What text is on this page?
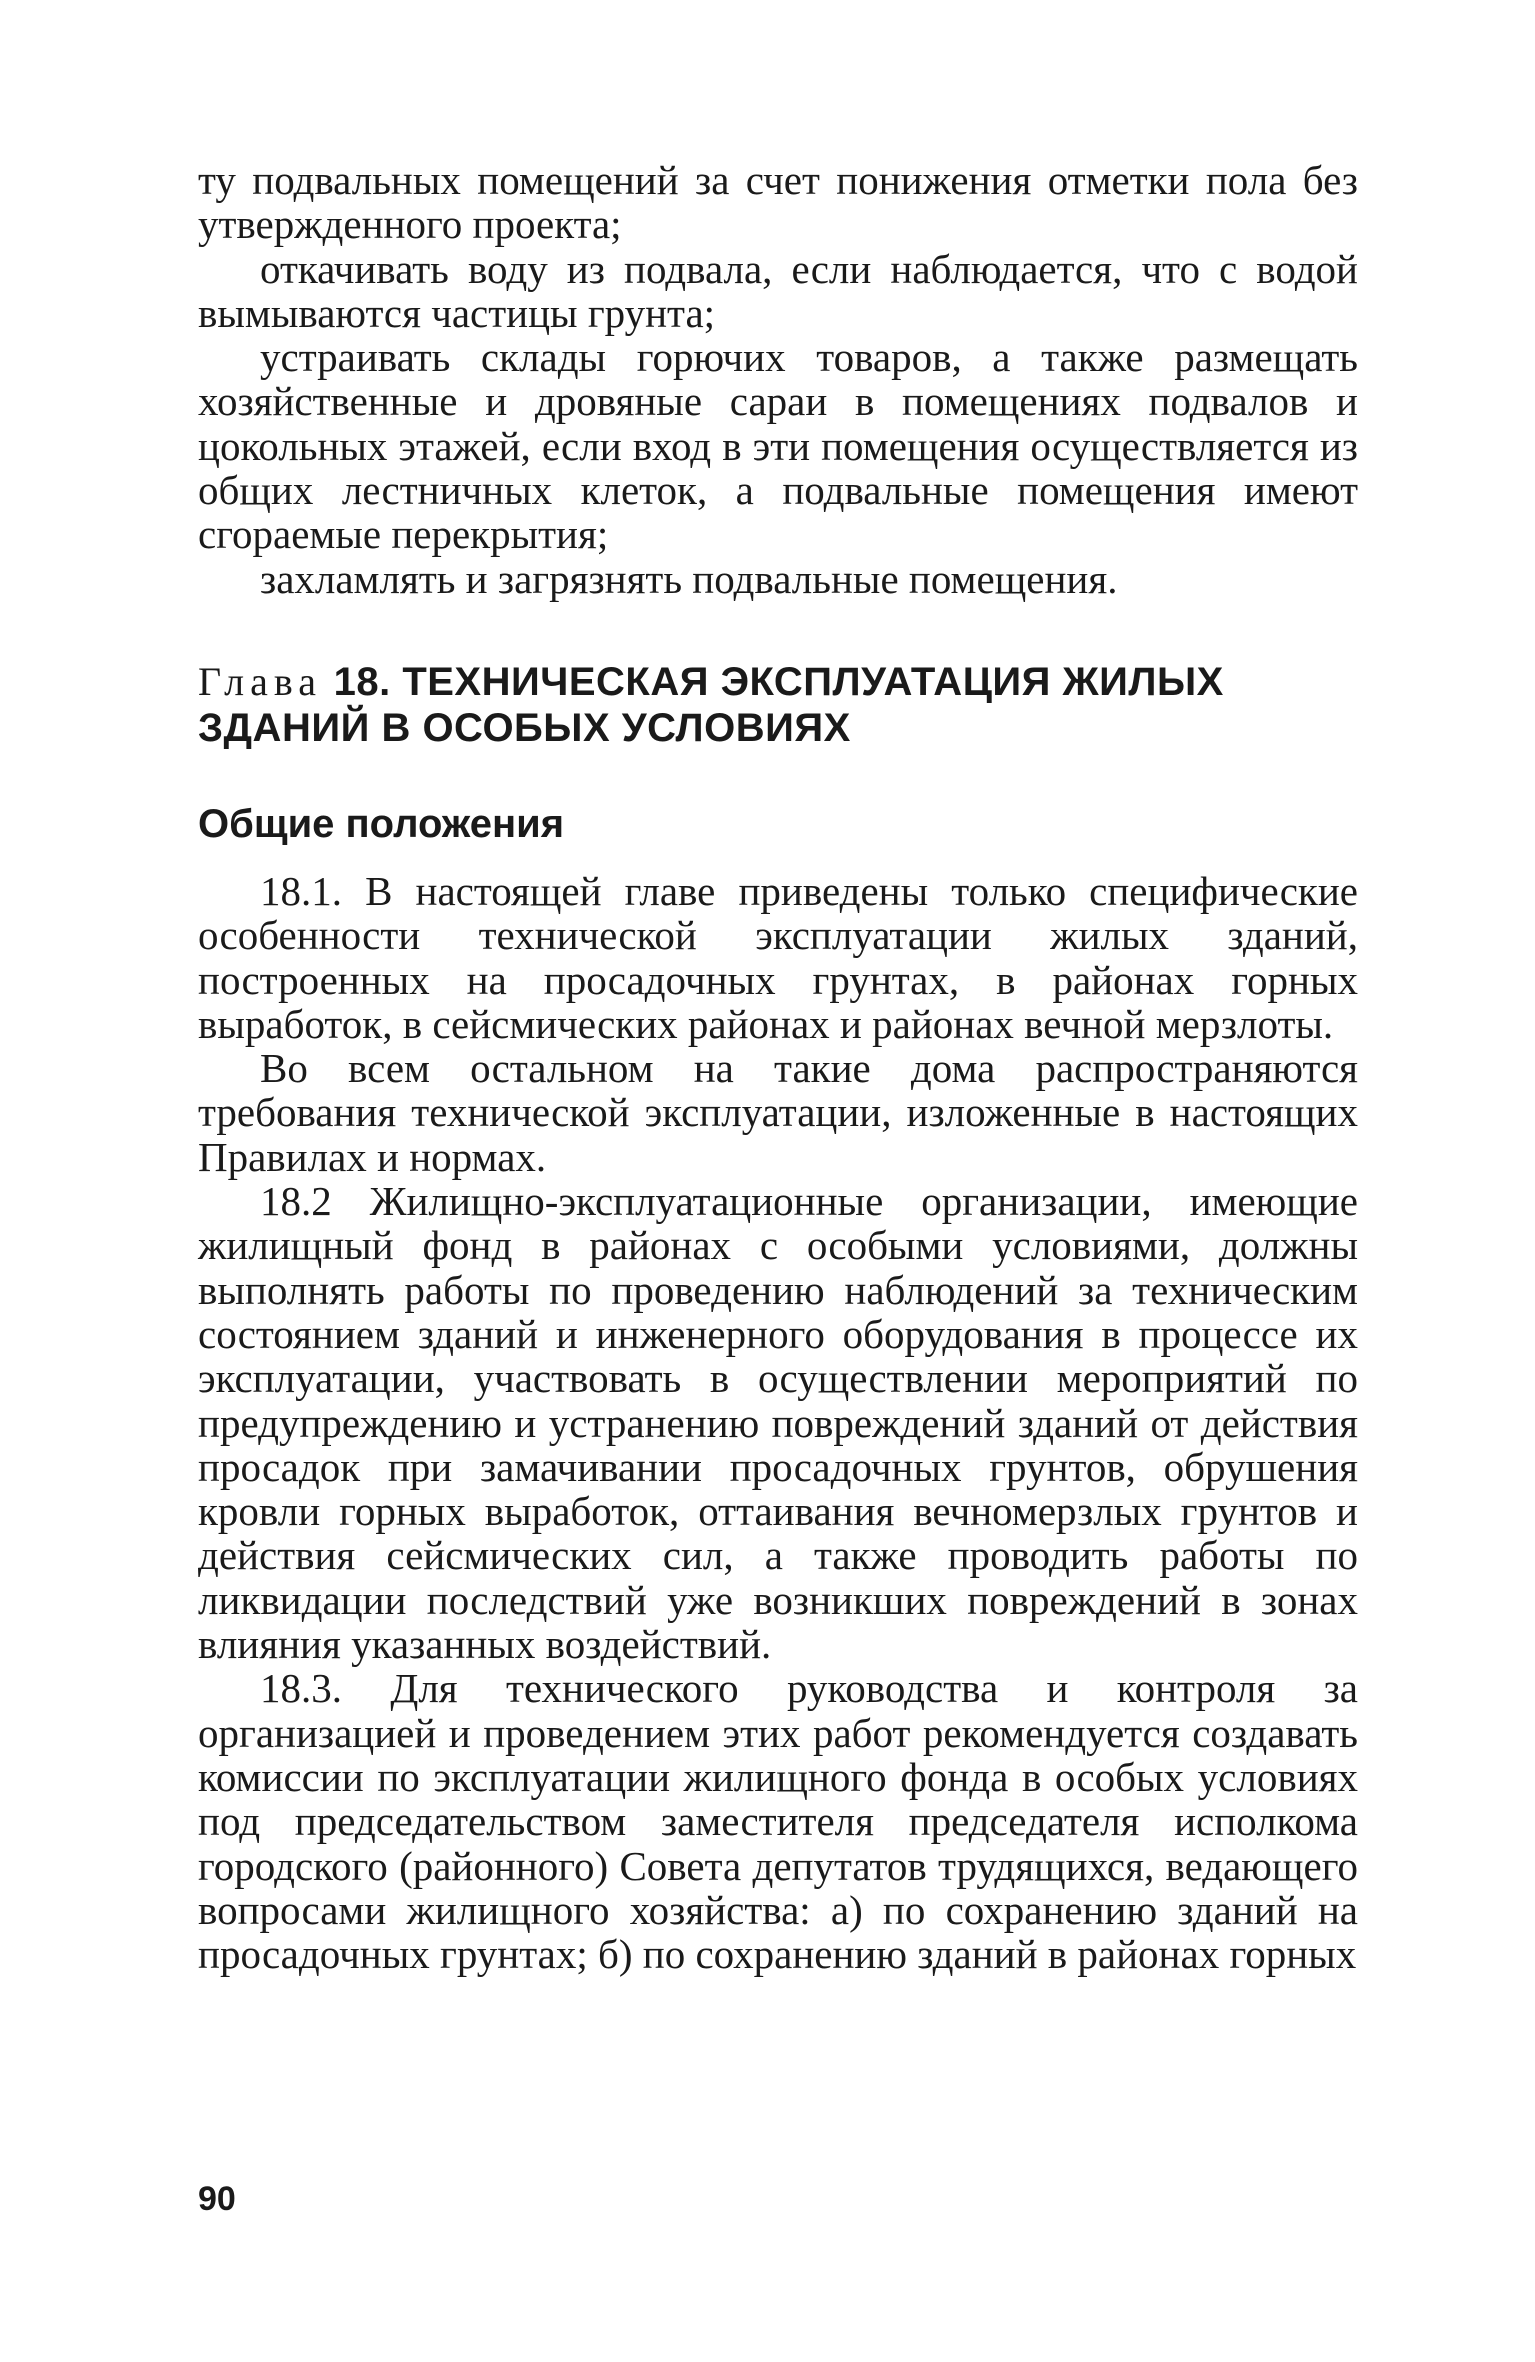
ту подвальных помещений за счет понижения отметки пола без утвержденного проекта;

откачивать воду из подвала, если наблюдается, что с водой вымываются частицы грунта;

устраивать склады горючих товаров, а также размещать хозяйственные и дровяные сараи в помещениях подвалов и цокольных этажей, если вход в эти помещения осуществляется из общих лестничных клеток, а подвальные помещения имеют сгораемые перекрытия;

захламлять и загрязнять подвальные помещения.

Глава 18. ТЕХНИЧЕСКАЯ ЭКСПЛУАТАЦИЯ ЖИЛЫХ ЗДАНИЙ В ОСОБЫХ УСЛОВИЯХ
Общие положения

18.1. В настоящей главе приведены только специфические особенности технической эксплуатации жилых зданий, построенных на просадочных грунтах, в районах горных выработок, в сейсмических районах и районах вечной мерзлоты.

Во всем остальном на такие дома распространяются требования технической эксплуатации, изложенные в настоящих Правилах и нормах.

18.2 Жилищно-эксплуатационные организации, имеющие жилищный фонд в районах с особыми условиями, должны выполнять работы по проведению наблюдений за техническим состоянием зданий и инженерного оборудования в процессе их эксплуатации, участвовать в осуществлении мероприятий по предупреждению и устранению повреждений зданий от действия просадок при замачивании просадочных грунтов, обрушения кровли горных выработок, оттаивания вечномерзлых грунтов и действия сейсмических сил, а также проводить работы по ликвидации последствий уже возникших повреждений в зонах влияния указанных воздействий.

18.3. Для технического руководства и контроля за организацией и проведением этих работ рекомендуется создавать комиссии по эксплуатации жилищного фонда в особых условиях под председательством заместителя председателя исполкома городского (районного) Совета депутатов трудящихся, ведающего вопросами жилищного хозяйства: а) по сохранению зданий на просадочных грунтах; б) по сохранению зданий в районах горных

90
